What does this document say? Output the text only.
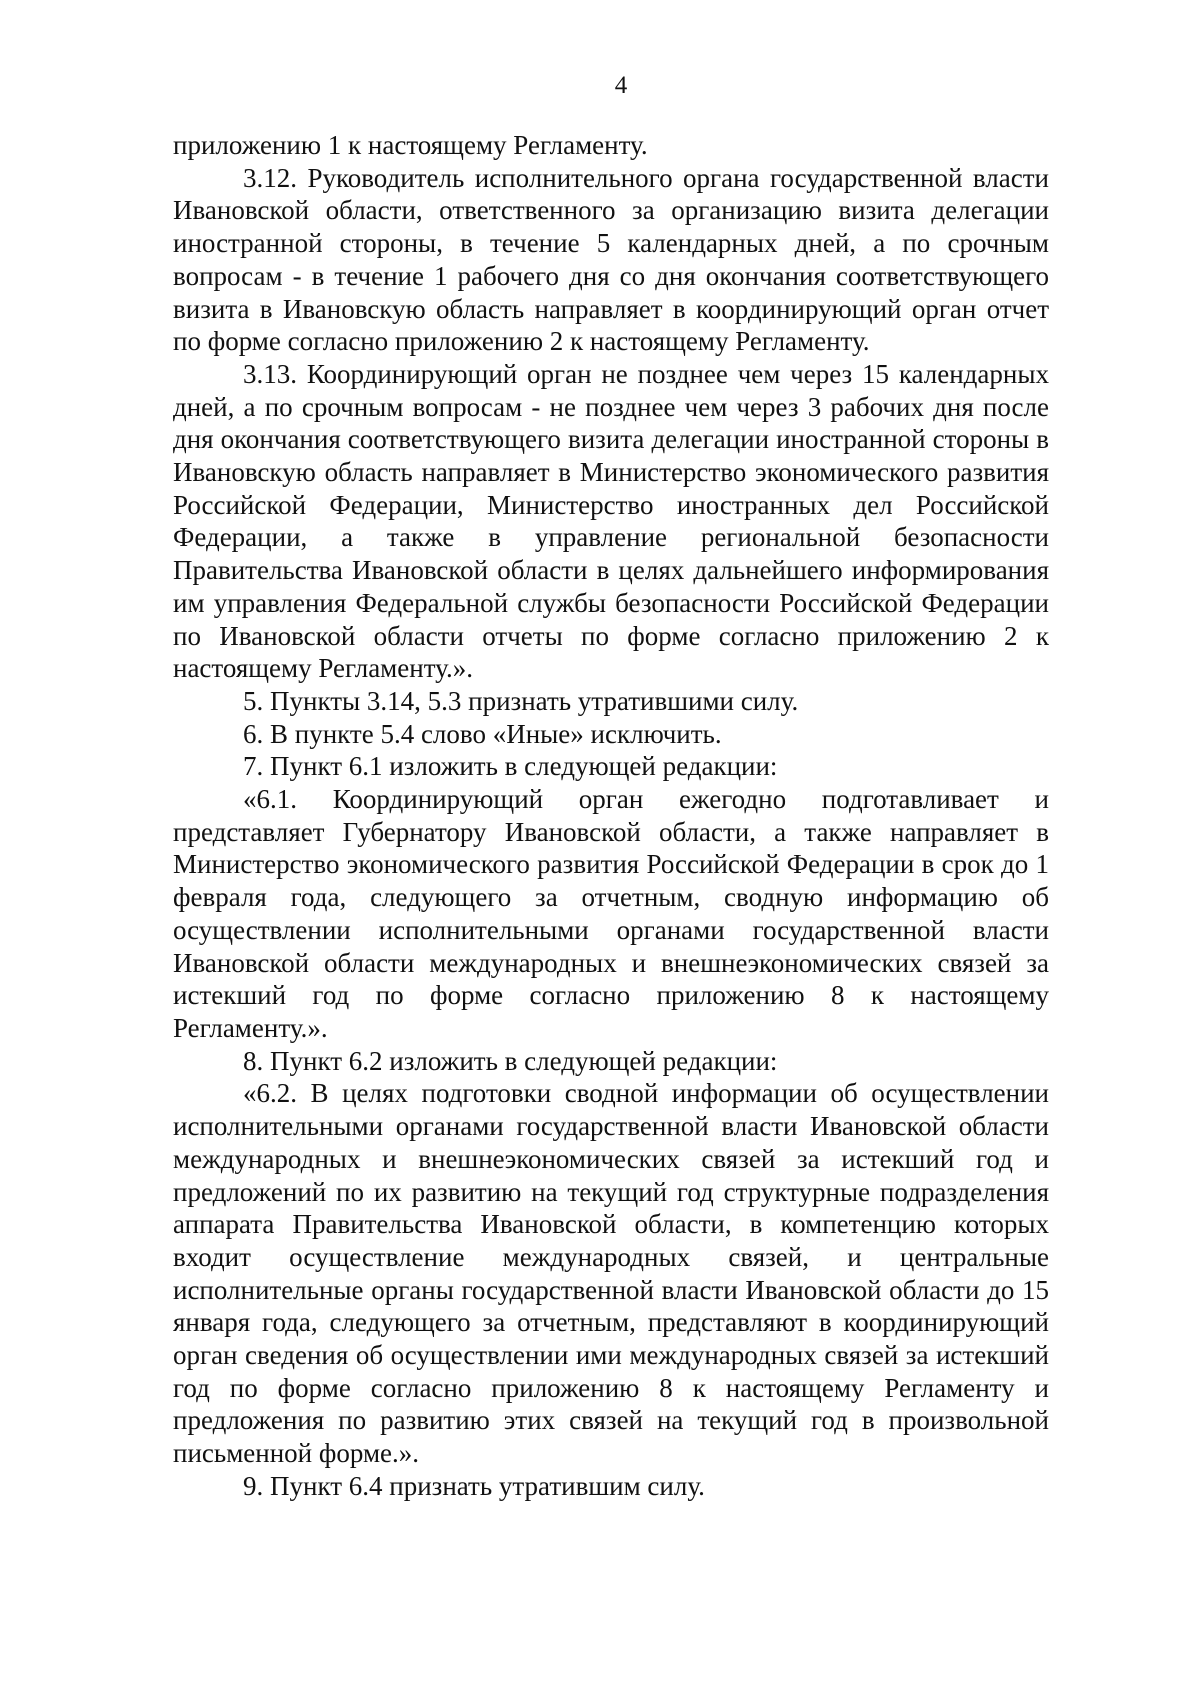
4

приложению 1 к настоящему Регламенту.

3.12. Руководитель исполнительного органа государственной власти Ивановской области, ответственного за организацию визита делегации иностранной стороны, в течение 5 календарных дней, а по срочным вопросам - в течение 1 рабочего дня со дня окончания соответствующего визита в Ивановскую область направляет в координирующий орган отчет по форме согласно приложению 2 к настоящему Регламенту.

3.13. Координирующий орган не позднее чем через 15 календарных дней, а по срочным вопросам - не позднее чем через 3 рабочих дня после дня окончания соответствующего визита делегации иностранной стороны в Ивановскую область направляет в Министерство экономического развития Российской Федерации, Министерство иностранных дел Российской Федерации, а также в управление региональной безопасности Правительства Ивановской области в целях дальнейшего информирования им управления Федеральной службы безопасности Российской Федерации по Ивановской области отчеты по форме согласно приложению 2 к настоящему Регламенту.».

5. Пункты 3.14, 5.3 признать утратившими силу.

6. В пункте 5.4 слово «Иные» исключить.

7. Пункт 6.1 изложить в следующей редакции:

«6.1. Координирующий орган ежегодно подготавливает и представляет Губернатору Ивановской области, а также направляет в Министерство экономического развития Российской Федерации в срок до 1 февраля года, следующего за отчетным, сводную информацию об осуществлении исполнительными органами государственной власти Ивановской области международных и внешнеэкономических связей за истекший год по форме согласно приложению 8 к настоящему Регламенту.».

8. Пункт 6.2 изложить в следующей редакции:

«6.2. В целях подготовки сводной информации об осуществлении исполнительными органами государственной власти Ивановской области международных и внешнеэкономических связей за истекший год и предложений по их развитию на текущий год структурные подразделения аппарата Правительства Ивановской области, в компетенцию которых входит осуществление международных связей, и центральные исполнительные органы государственной власти Ивановской области до 15 января года, следующего за отчетным, представляют в координирующий орган сведения об осуществлении ими международных связей за истекший год по форме согласно приложению 8 к настоящему Регламенту и предложения по развитию этих связей на текущий год в произвольной письменной форме.».

9. Пункт 6.4 признать утратившим силу.
